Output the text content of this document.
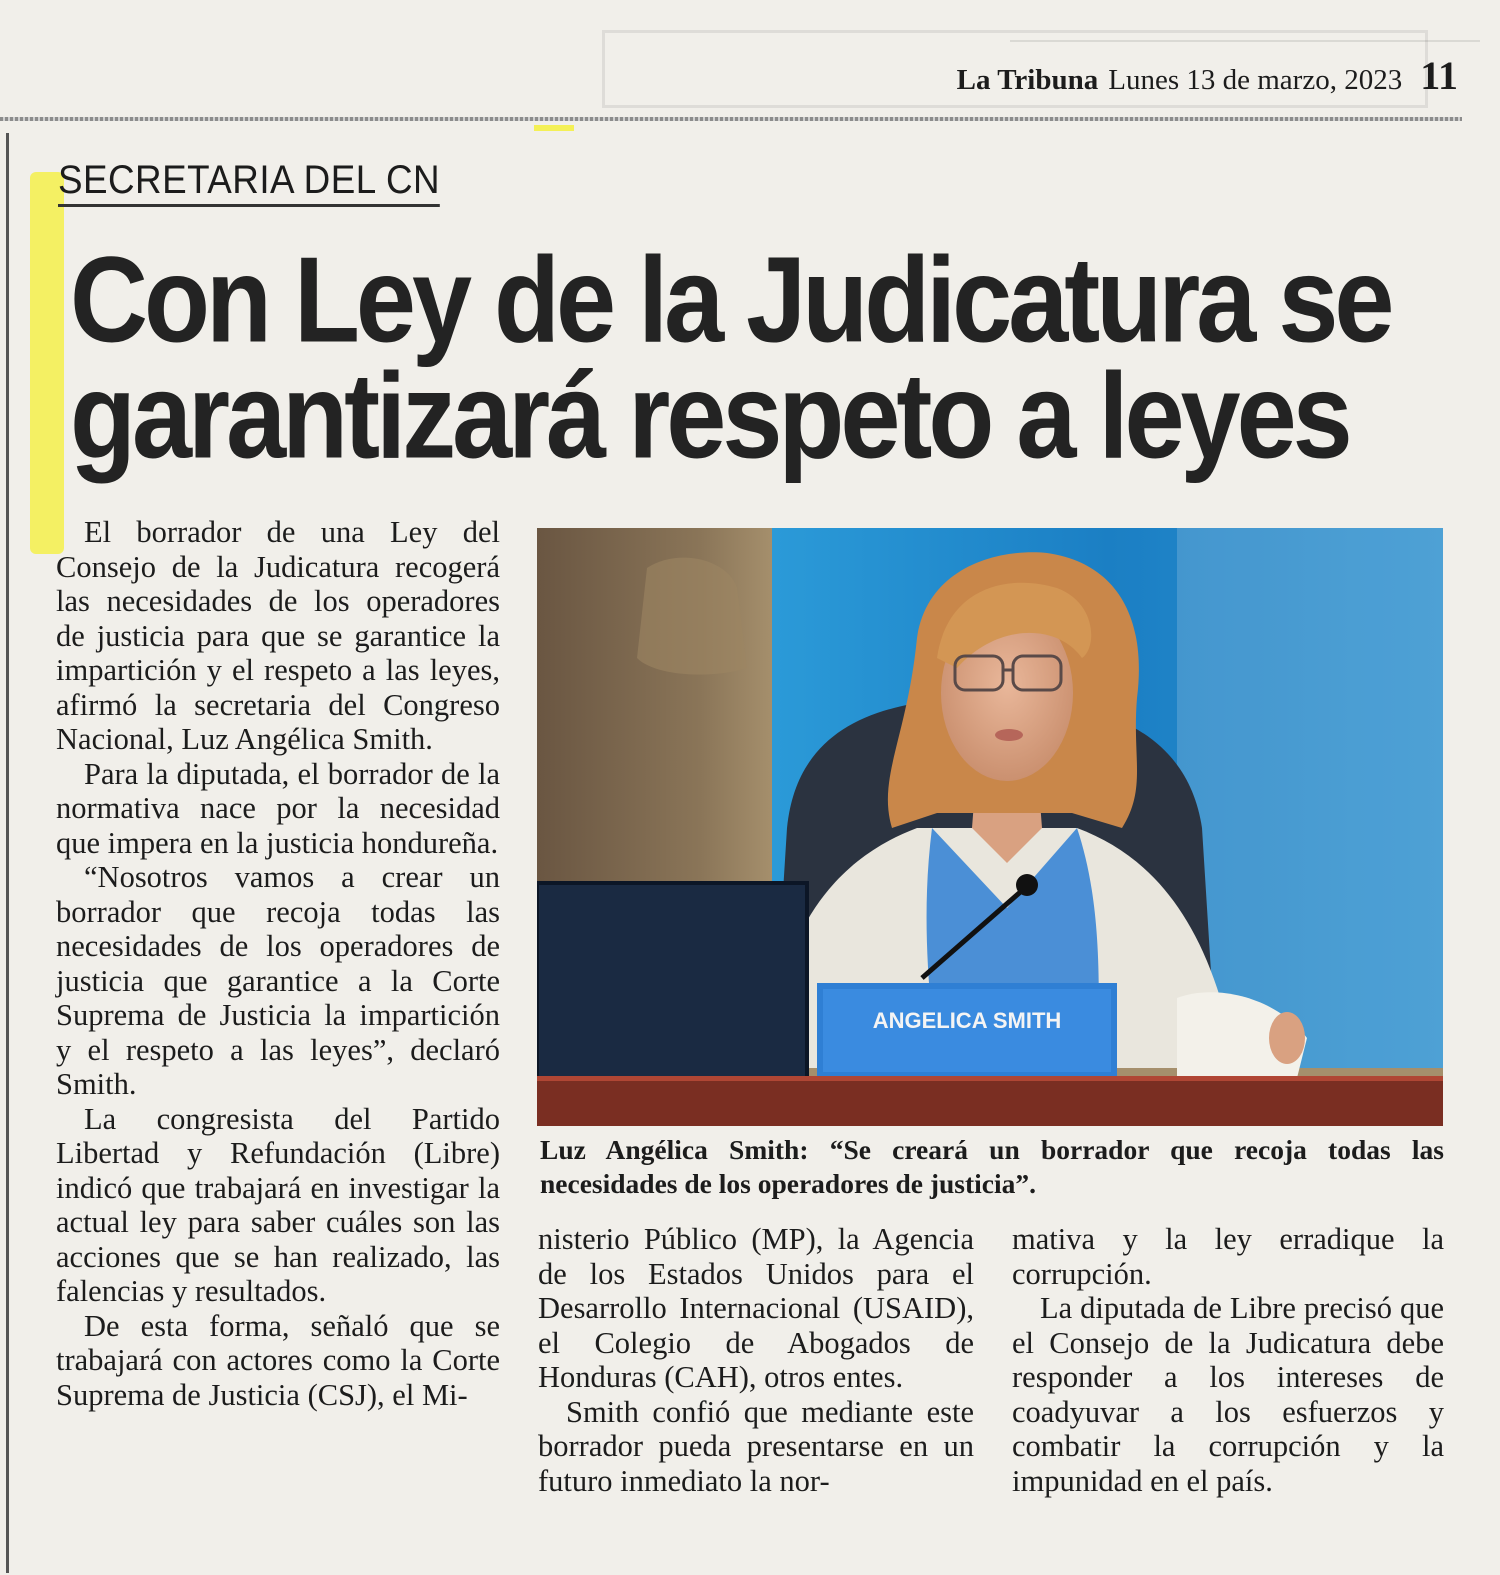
La Tribuna Lunes 13 de marzo, 2023 11
SECRETARIA DEL CN
Con Ley de la Judicatura se
garantizará respeto a leyes

El borrador de una Ley del Consejo de la Judicatura recogerá las necesidades de los operadores de justicia para que se garantice la impartición y el respeto a las leyes, afirmó la secretaria del Congreso Nacional, Luz Angélica Smith.

Para la diputada, el borrador de la normativa nace por la necesidad que impera en la justicia hondureña.

“Nosotros vamos a crear un borrador que recoja todas las necesidades de los operadores de justicia que garantice a la Corte Suprema de Justicia la impartición y el respeto a las leyes”, declaró Smith.

La congresista del Partido Libertad y Refundación (Libre) indicó que trabajará en investigar la actual ley para saber cuáles son las acciones que se han realizado, las falencias y resultados.

De esta forma, señaló que se trabajará con actores como la Corte Suprema de Justicia (CSJ), el Mi-

ANGELICA SMITH
Luz Angélica Smith: “Se creará un borrador que recoja todas las necesidades de los operadores de justicia”.

nisterio Público (MP), la Agencia de los Estados Unidos para el Desarrollo Internacional (USAID), el Colegio de Abogados de Honduras (CAH), otros entes.

Smith confió que mediante este borrador pueda presentarse en un futuro inmediato la nor-

mativa y la ley erradique la corrupción.

La diputada de Libre precisó que el Consejo de la Judicatura debe responder a los intereses de coadyuvar a los esfuerzos y combatir la corrupción y la impunidad en el país.
